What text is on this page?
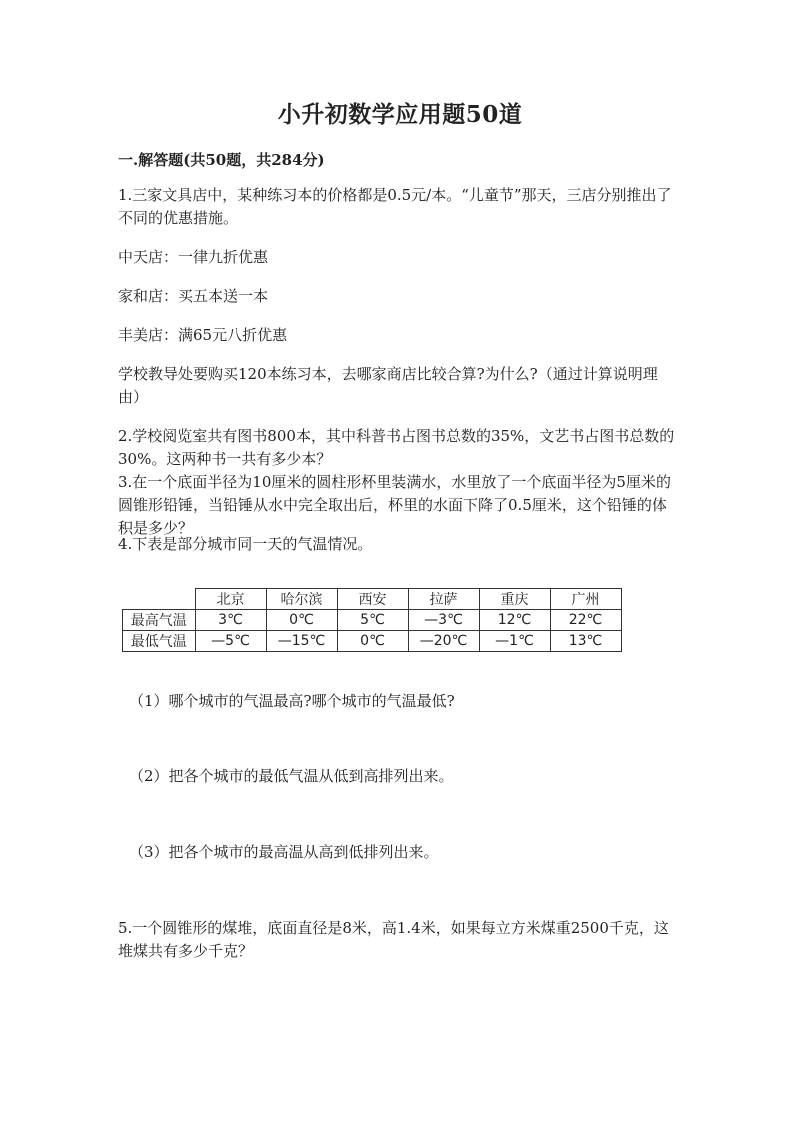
小升初数学应用题50道
一.解答题(共50题，共284分)
1.三家文具店中，某种练习本的价格都是0.5元/本。“儿童节”那天，三店分别推出了不同的优惠措施。
中天店：一律九折优惠
家和店：买五本送一本
丰美店：满65元八折优惠
学校教导处要购买120本练习本，去哪家商店比较合算?为什么?（通过计算说明理由）
2.学校阅览室共有图书800本，其中科普书占图书总数的35%，文艺书占图书总数的30%。这两种书一共有多少本？
3.在一个底面半径为10厘米的圆柱形杯里装满水，水里放了一个底面半径为5厘米的圆锥形铅锤，当铅锤从水中完全取出后，杯里的水面下降了0.5厘米，这个铅锤的体积是多少？
4.下表是部分城市同一天的气温情况。
	北京	哈尔滨	西安	拉萨	重庆	广州
最高气温	3℃	0℃	5℃	—3℃	12℃	22℃
最低气温	—5℃	—15℃	0℃	—20℃	—1℃	13℃
（1）哪个城市的气温最高?哪个城市的气温最低?
（2）把各个城市的最低气温从低到高排列出来。
（3）把各个城市的最高温从高到低排列出来。
5.一个圆锥形的煤堆，底面直径是8米，高1.4米，如果每立方米煤重2500千克，这堆煤共有多少千克？
